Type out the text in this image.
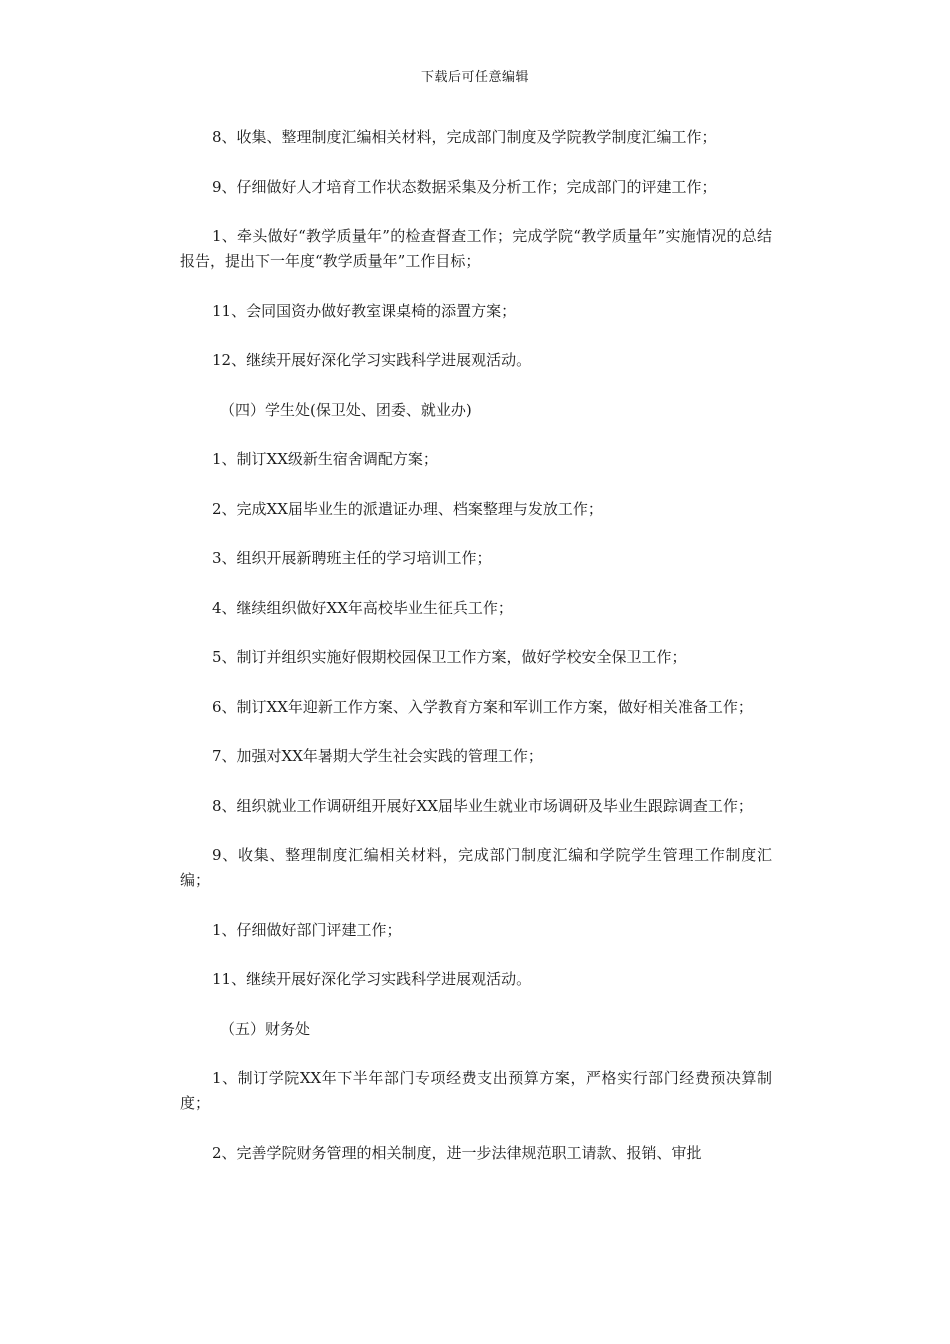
下载后可任意编辑

8、收集、整理制度汇编相关材料，完成部门制度及学院教学制度汇编工作；

9、仔细做好人才培育工作状态数据采集及分析工作；完成部门的评建工作；

1、牵头做好“教学质量年”的检查督查工作；完成学院“教学质量年”实施情况的总结报告，提出下一年度“教学质量年”工作目标；

11、会同国资办做好教室课桌椅的添置方案；

12、继续开展好深化学习实践科学进展观活动。

（四）学生处(保卫处、团委、就业办)

1、制订XX级新生宿舍调配方案；

2、完成XX届毕业生的派遣证办理、档案整理与发放工作；

3、组织开展新聘班主任的学习培训工作；

4、继续组织做好XX年高校毕业生征兵工作；

5、制订并组织实施好假期校园保卫工作方案，做好学校安全保卫工作；

6、制订XX年迎新工作方案、入学教育方案和军训工作方案，做好相关准备工作；

7、加强对XX年暑期大学生社会实践的管理工作；

8、组织就业工作调研组开展好XX届毕业生就业市场调研及毕业生跟踪调查工作；

9、收集、整理制度汇编相关材料，完成部门制度汇编和学院学生管理工作制度汇编；

1、仔细做好部门评建工作；

11、继续开展好深化学习实践科学进展观活动。

（五）财务处

1、制订学院XX年下半年部门专项经费支出预算方案，严格实行部门经费预决算制度；

2、完善学院财务管理的相关制度，进一步法律规范职工请款、报销、审批
